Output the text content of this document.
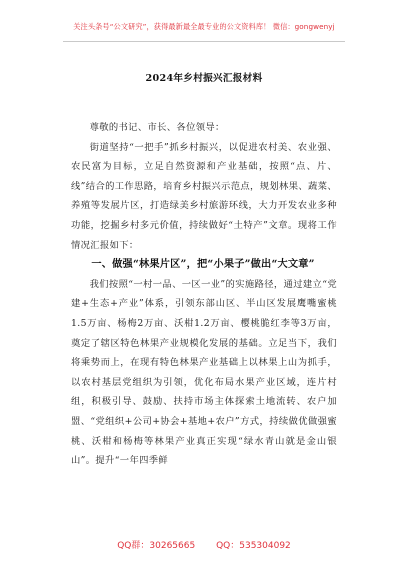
关注头条号“公文研究”，获得最新最全最专业的公文资料库！ 微信：gongwenyj
2024年乡村振兴汇报材料

尊敬的书记、市长、各位领导：

街道坚持“一把手”抓乡村振兴，以促进农村美、农业强、农民富为目标，立足自然资源和产业基础，按照“点、片、线”结合的工作思路，培育乡村振兴示范点，规划林果、蔬菜、养殖等发展片区，打造绿美乡村旅游环线，大力开发农业多种功能，挖掘乡村多元价值，持续做好“土特产”文章。现将工作情况汇报如下：

一、做强“林果片区”，把“小果子”做出“大文章”

我们按照“一村一品、一区一业”的实施路径，通过建立“党建+生态+产业”体系，引领东部山区、半山区发展鹰嘴蜜桃1.5万亩、杨梅2万亩、沃柑1.2万亩、樱桃脆红李等3万亩，奠定了辖区特色林果产业规模化发展的基础。立足当下，我们将乘势而上，在现有特色林果产业基础上以林果上山为抓手，以农村基层党组织为引领，优化布局水果产业区域，连片村组，积极引导、鼓励、扶持市场主体探索土地流转、农户加盟、“党组织+公司+协会+基地+农户”方式，持续做优做强蜜桃、沃柑和杨梅等林果产业真正实现“绿水青山就是金山银山”。提升“一年四季鲜

QQ群：30265665 QQ：535304092
